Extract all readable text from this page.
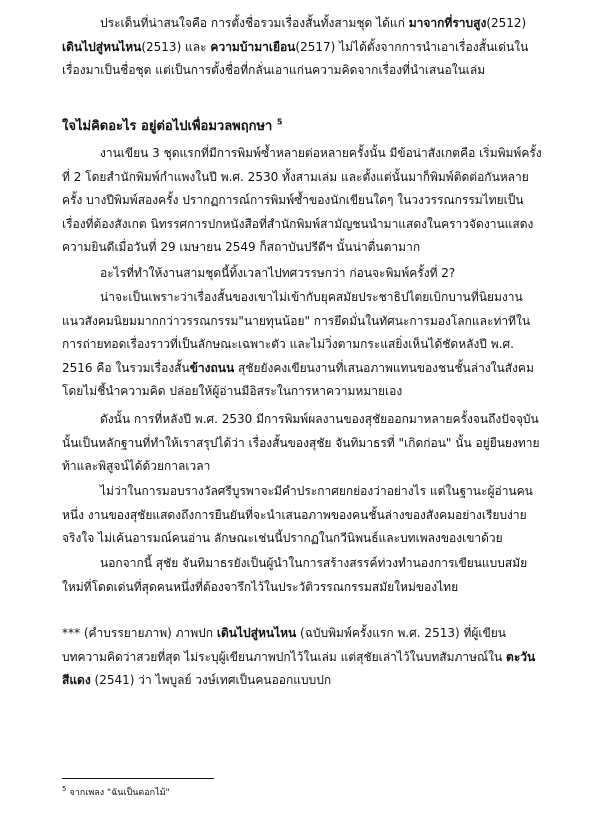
ประเด็นที่น่าสนใจคือ การตั้งชื่อรวมเรื่องสั้นทั้งสามชุด ได้แก่ มาจากที่ราบสูง(2512) เดินไปสู่หนไหน(2513) และ ความบ้ามาเยือน(2517) ไม่ได้ตั้งจากการนำเอาเรื่องสั้นเด่นในเรื่องมาเป็นชื่อชุด แต่เป็นการตั้งชื่อที่กลั่นเอาแก่นความคิดจากเรื่องที่นำเสนอในเล่ม

ใจไม่คิดอะไร อยู่ต่อไปเพื่อมวลพฤกษา $^5$

งานเขียน 3 ชุดแรกที่มีการพิมพ์ซ้ำหลายต่อหลายครั้งนั้น มีข้อน่าสังเกตคือ เริ่มพิมพ์ครั้งที่ 2 โดยสำนักพิมพ์กำแพงในปี พ.ศ. 2530 ทั้งสามเล่ม และตั้งแต่นั้นมาก็พิมพ์ติดต่อกันหลายครั้ง บางปีพิมพ์สองครั้ง ปรากฏการณ์การพิมพ์ซ้ำของนักเขียนใดๆ ในวงวรรณกรรมไทยเป็นเรื่องที่ต้องสังเกต นิทรรศการปกหนังสือที่สำนักพิมพ์สามัญชนนำมาแสดงในคราวจัดงานแสดงความยินดีเมื่อวันที่ 29 เมษายน 2549 ก็สถาบันปรีดีฯ นั้นน่าตื่นตามาก

อะไรที่ทำให้งานสามชุดนี้ทิ้งเวลาไปทศวรรษกว่า ก่อนจะพิมพ์ครั้งที่ 2?

น่าจะเป็นเพราะว่าเรื่องสั้นของเขาไม่เข้ากับยุคสมัยประชาธิปไตยเบิกบานที่นิยมงานแนวสังคมนิยมมากกว่าวรรณกรรม"นายทุนน้อย" การยึดมั่นในทัศนะการมองโลกและท่าทีในการถ่ายทอดเรื่องราวที่เป็นลักษณะเฉพาะตัว และไม่วิ่งตามกระแสยิ่งเห็นได้ชัดหลังปี พ.ศ. 2516 คือ ในรวมเรื่องสั้นข้างถนน สุชัยยังคงเขียนงานที่เสนอภาพแทนของชนชั้นล่างในสังคมโดยไม่ชี้นำความคิด ปล่อยให้ผู้อ่านมีอิสระในการหาความหมายเอง

ดังนั้น การที่หลังปี พ.ศ. 2530 มีการพิมพ์ผลงานของสุชัยออกมาหลายครั้งจนถึงปัจจุบันนั้นเป็นหลักฐานที่ทำให้เราสรุปได้ว่า เรื่องสั้นของสุชัย จันทิมาธรที่ "เกิดก่อน" นั้น อยู่ยืนยงทายท้าและพิสูจน์ได้ด้วยกาลเวลา

ไม่ว่าในการมอบรางวัลศรีบูรพาจะมีคำประกาศยกย่องว่าอย่างไร แต่ในฐานะผู้อ่านคนหนึ่ง งานของสุชัยแสดงถึงการยืนยันที่จะนำเสนอภาพของคนชั้นล่างของสังคมอย่างเรียบง่ายจริงใจ ไม่เค้นอารมณ์คนอ่าน ลักษณะเช่นนี้ปรากฏในกวีนิพนธ์และบทเพลงของเขาด้วย

นอกจากนี้ สุชัย จันทิมาธรยังเป็นผู้นำในการสร้างสรรค์ท่วงทำนองการเขียนแบบสมัยใหม่ที่โดดเด่นที่สุดคนหนึ่งที่ต้องจารึกไว้ในประวัติวรรณกรรมสมัยใหม่ของไทย

*** (คำบรรยายภาพ) ภาพปก เดินไปสู่หนไหน (ฉบับพิมพ์ครั้งแรก พ.ศ. 2513) ที่ผู้เขียนบทความคิดว่าสวยที่สุด ไม่ระบุผู้เขียนภาพปกไว้ในเล่ม แต่สุชัยเล่าไว้ในบทสัมภาษณ์ใน ตะวันสีแดง (2541) ว่า ไพบูลย์ วงษ์เทศเป็นคนออกแบบปก

$^5$ จากเพลง "ฉันเป็นดอกไม้"
